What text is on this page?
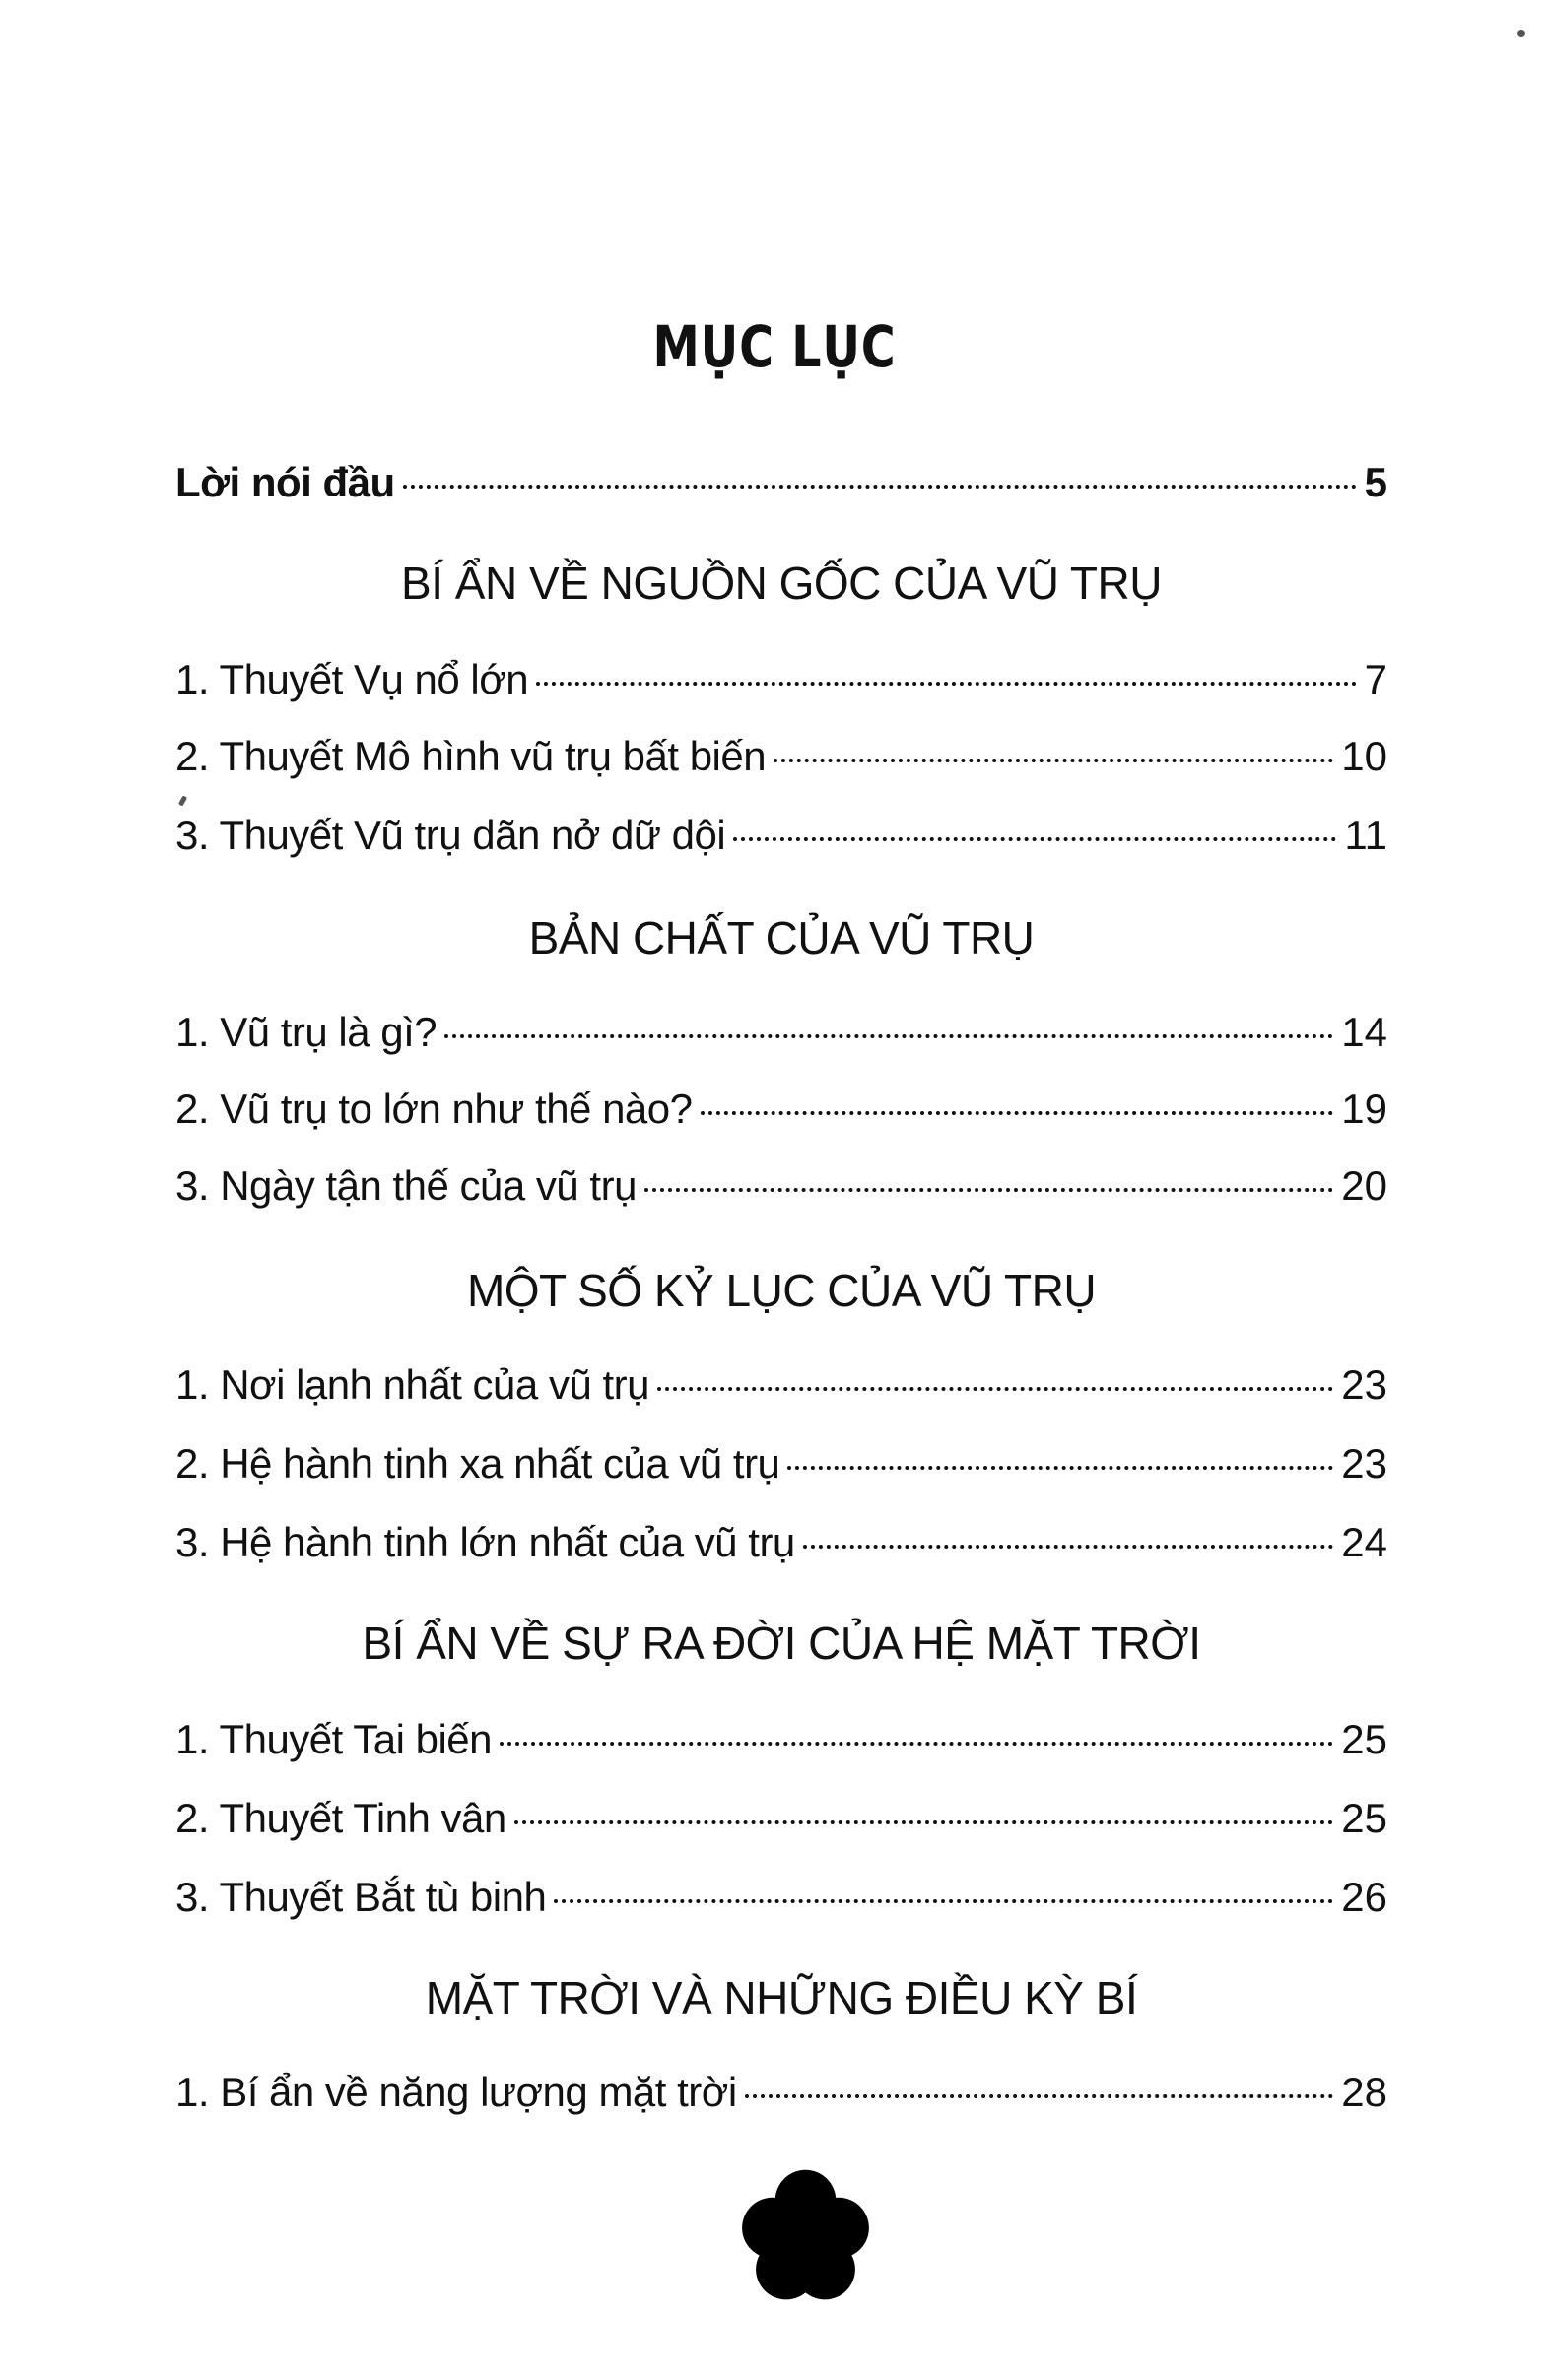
MỤC LỤC
Lời nói đầu	5
BÍ ẨN VỀ NGUỒN GỐC CỦA VŨ TRỤ
1. Thuyết Vụ nổ lớn	7
2. Thuyết Mô hình vũ trụ bất biến	10
3. Thuyết Vũ trụ dãn nở dữ dội	11
BẢN CHẤT CỦA VŨ TRỤ
1. Vũ trụ là gì?	14
2. Vũ trụ to lớn như thế nào?	19
3. Ngày tận thế của vũ trụ	20
MỘT SỐ KỶ LỤC CỦA VŨ TRỤ
1. Nơi lạnh nhất của vũ trụ	23
2. Hệ hành tinh xa nhất của vũ trụ	23
3. Hệ hành tinh lớn nhất của vũ trụ	24
BÍ ẨN VỀ SỰ RA ĐỜI CỦA HỆ MẶT TRỜI
1. Thuyết Tai biến	25
2. Thuyết Tinh vân	25
3. Thuyết Bắt tù binh	26
MẶT TRỜI VÀ NHỮNG ĐIỀU KỲ BÍ
1. Bí ẩn về năng lượng mặt trời	28
